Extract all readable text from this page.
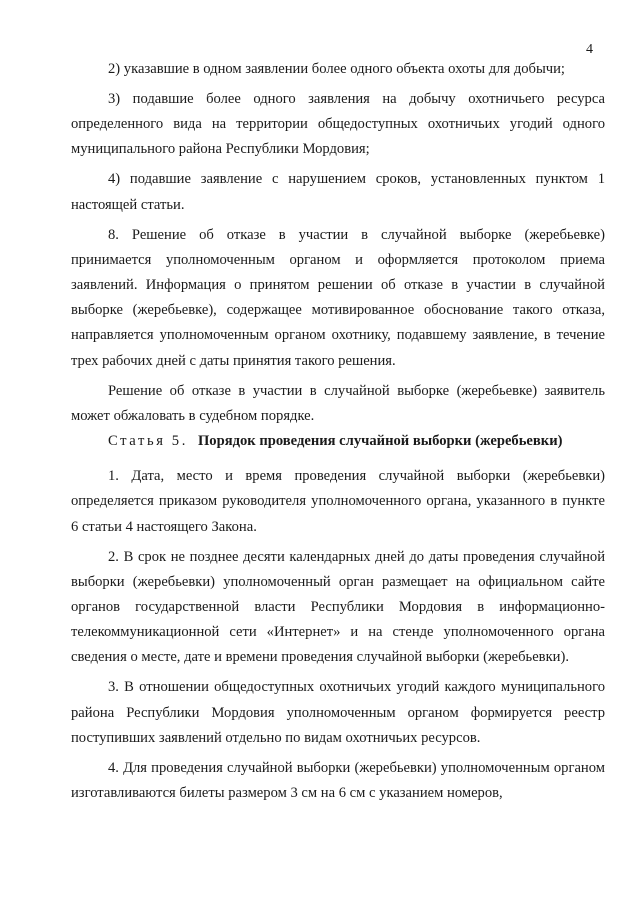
4

2) указавшие в одном заявлении более одного объекта охоты для добычи;

3) подавшие более одного заявления на добычу охотничьего ресурса определенного вида на территории общедоступных охотничьих угодий одного муниципального района Республики Мордовия;

4) подавшие заявление с нарушением сроков, установленных пунктом 1 настоящей статьи.

8. Решение об отказе в участии в случайной выборке (жеребьевке) принимается уполномоченным органом и оформляется протоколом приема заявлений. Информация о принятом решении об отказе в участии в случайной выборке (жеребьевке), содержащее мотивированное обоснование такого отказа, направляется уполномоченным органом охотнику, подавшему заявление, в течение трех рабочих дней с даты принятия такого решения.

Решение об отказе в участии в случайной выборке (жеребьевке) заявитель может обжаловать в судебном порядке.

Статья 5. Порядок проведения случайной выборки (жеребьевки)

1. Дата, место и время проведения случайной выборки (жеребьевки) определяется приказом руководителя уполномоченного органа, указанного в пункте 6 статьи 4 настоящего Закона.

2. В срок не позднее десяти календарных дней до даты проведения случайной выборки (жеребьевки) уполномоченный орган размещает на официальном сайте органов государственной власти Республики Мордовия в информационно-телекоммуникационной сети «Интернет» и на стенде уполномоченного органа сведения о месте, дате и времени проведения случайной выборки (жеребьевки).

3. В отношении общедоступных охотничьих угодий каждого муниципального района Республики Мордовия уполномоченным органом формируется реестр поступивших заявлений отдельно по видам охотничьих ресурсов.

4. Для проведения случайной выборки (жеребьевки) уполномоченным органом изготавливаются билеты размером 3 см на 6 см с указанием номеров,
